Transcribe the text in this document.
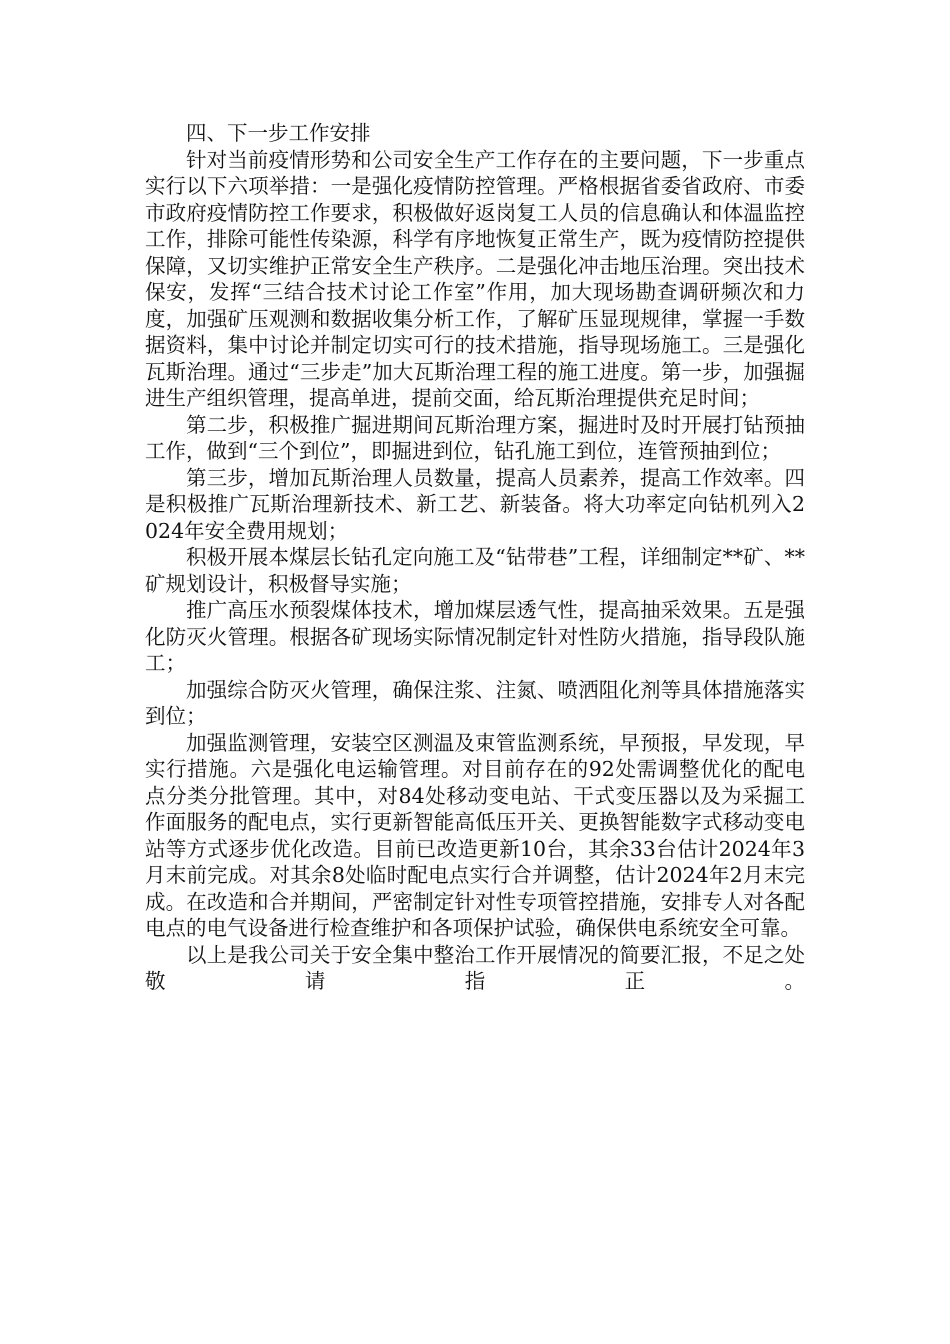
四、下一步工作安排

针对当前疫情形势和公司安全生产工作存在的主要问题，下一步重点实行以下六项举措：一是强化疫情防控管理。严格根据省委省政府、市委市政府疫情防控工作要求，积极做好返岗复工人员的信息确认和体温监控工作，排除可能性传染源，科学有序地恢复正常生产，既为疫情防控提供保障，又切实维护正常安全生产秩序。二是强化冲击地压治理。突出技术保安，发挥“三结合技术讨论工作室”作用，加大现场勘查调研频次和力度，加强矿压观测和数据收集分析工作，了解矿压显现规律，掌握一手数据资料，集中讨论并制定切实可行的技术措施，指导现场施工。三是强化瓦斯治理。通过“三步走”加大瓦斯治理工程的施工进度。第一步，加强掘进生产组织管理，提高单进，提前交面，给瓦斯治理提供充足时间；

第二步，积极推广掘进期间瓦斯治理方案，掘进时及时开展打钻预抽工作，做到“三个到位”，即掘进到位，钻孔施工到位，连管预抽到位；

第三步，增加瓦斯治理人员数量，提高人员素养，提高工作效率。四是积极推广瓦斯治理新技术、新工艺、新装备。将大功率定向钻机列入2024年安全费用规划；

积极开展本煤层长钻孔定向施工及“钻带巷”工程，详细制定**矿、**矿规划设计，积极督导实施；

推广高压水预裂煤体技术，增加煤层透气性，提高抽采效果。五是强化防灭火管理。根据各矿现场实际情况制定针对性防火措施，指导段队施工；

加强综合防灭火管理，确保注浆、注氮、喷洒阻化剂等具体措施落实到位；

加强监测管理，安装空区测温及束管监测系统，早预报，早发现，早实行措施。六是强化电运输管理。对目前存在的92处需调整优化的配电点分类分批管理。其中，对84处移动变电站、干式变压器以及为采掘工作面服务的配电点，实行更新智能高低压开关、更换智能数字式移动变电站等方式逐步优化改造。目前已改造更新10台，其余33台估计2024年3月末前完成。对其余8处临时配电点实行合并调整，估计2024年2月末完成。在改造和合并期间，严密制定针对性专项管控措施，安排专人对各配电点的电气设备进行检查维护和各项保护试验，确保供电系统安全可靠。

以上是我公司关于安全集中整治工作开展情况的简要汇报，不足之处敬请指正。
